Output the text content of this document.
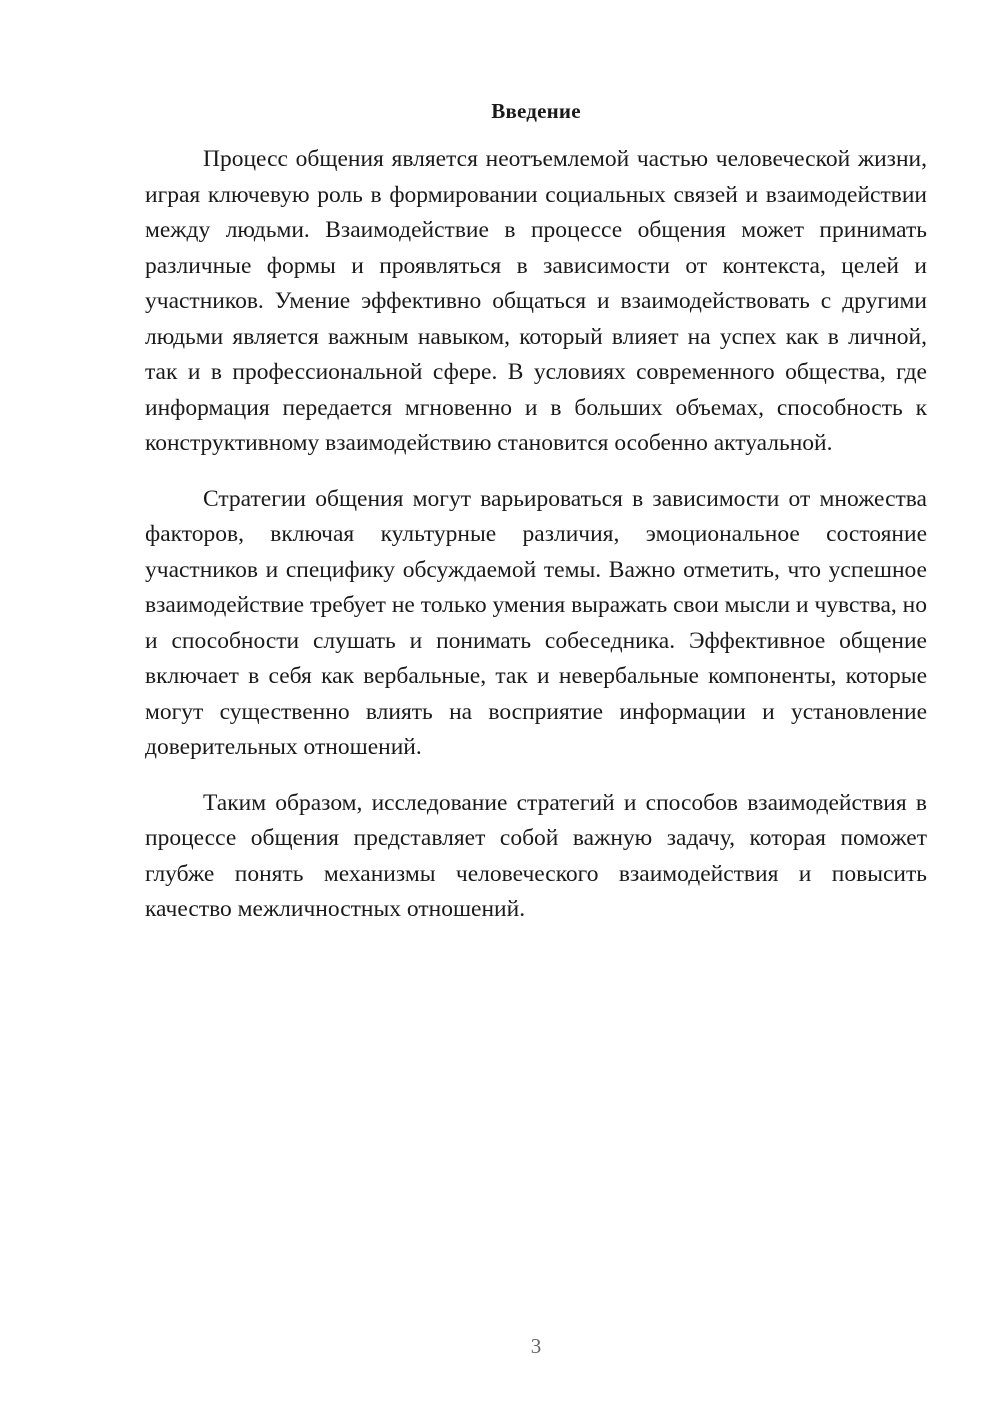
Введение

Процесс общения является неотъемлемой частью человеческой жизни, играя ключевую роль в формировании социальных связей и взаимодействии между людьми. Взаимодействие в процессе общения может принимать различные формы и проявляться в зависимости от контекста, целей и участников. Умение эффективно общаться и взаимодействовать с другими людьми является важным навыком, который влияет на успех как в личной, так и в профессиональной сфере. В условиях современного общества, где информация передается мгновенно и в больших объемах, способность к конструктивному взаимодействию становится особенно актуальной.

Стратегии общения могут варьироваться в зависимости от множества факторов, включая культурные различия, эмоциональное состояние участников и специфику обсуждаемой темы. Важно отметить, что успешное взаимодействие требует не только умения выражать свои мысли и чувства, но и способности слушать и понимать собеседника. Эффективное общение включает в себя как вербальные, так и невербальные компоненты, которые могут существенно влиять на восприятие информации и установление доверительных отношений.

Таким образом, исследование стратегий и способов взаимодействия в процессе общения представляет собой важную задачу, которая поможет глубже понять механизмы человеческого взаимодействия и повысить качество межличностных отношений.

3
